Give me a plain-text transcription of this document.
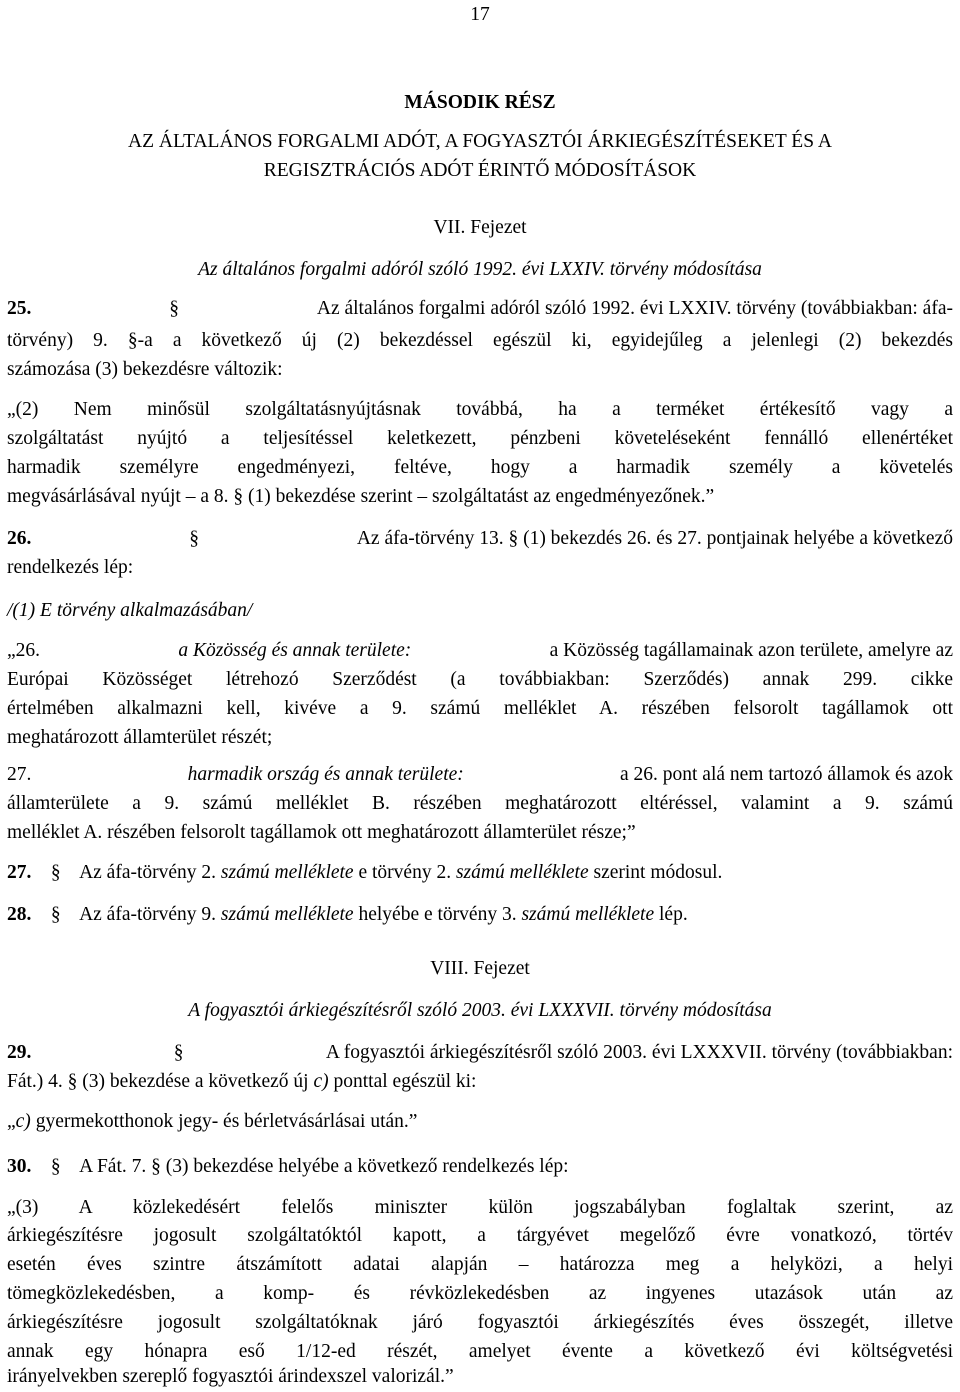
17
MÁSODIK RÉSZ
AZ ÁLTALÁNOS FORGALMI ADÓT, A FOGYASZTÓI ÁRKIEGÉSZÍTÉSEKET ÉS A
REGISZTRÁCIÓS ADÓT ÉRINTŐ MÓDOSÍTÁSOK
VII. Fejezet
Az általános forgalmi adóról szóló 1992. évi LXXIV. törvény módosítása
25.	§	Az általános forgalmi adóról szóló 1992. évi LXXIV. törvény (továbbiakban: áfa-
törvény) 9. §-a a következő új (2) bekezdéssel egészül ki, egyidejűleg a jelenlegi (2) bekezdés
számozása (3) bekezdésre változik:
„(2) Nem minősül szolgáltatásnyújtásnak továbbá, ha a terméket értékesítő vagy a
szolgáltatást nyújtó a teljesítéssel keletkezett, pénzbeni követeléseként fennálló ellenértéket
harmadik személyre engedményezi, feltéve, hogy a harmadik személy a követelés
megvásárlásával nyújt – a 8. § (1) bekezdése szerint – szolgáltatást az engedményezőnek.”
26.	§	Az áfa-törvény 13. § (1) bekezdés 26. és 27. pontjainak helyébe a következő
rendelkezés lép:
/(1) E törvény alkalmazásában/
„26.	a Közösség és annak területe:	a Közösség tagállamainak azon területe, amelyre az
Európai Közösséget létrehozó Szerződést (a továbbiakban: Szerződés) annak 299. cikke
értelmében alkalmazni kell, kivéve a 9. számú melléklet A. részében felsorolt tagállamok ott
meghatározott államterület részét;
27.	harmadik ország és annak területe:	a 26. pont alá nem tartozó államok és azok
államterülete a 9. számú melléklet B. részében meghatározott eltéréssel, valamint a 9. számú
melléklet A. részében felsorolt tagállamok ott meghatározott államterület része;”
27. § Az áfa-törvény 2. számú melléklete e törvény 2. számú melléklete szerint módosul.
28. § Az áfa-törvény 9. számú melléklete helyébe e törvény 3. számú melléklete lép.
VIII. Fejezet
A fogyasztói árkiegészítésről szóló 2003. évi LXXXVII. törvény módosítása
29.	§	A fogyasztói árkiegészítésről szóló 2003. évi LXXXVII. törvény (továbbiakban:
Fát.) 4. § (3) bekezdése a következő új c) ponttal egészül ki:
„c) gyermekotthonok jegy- és bérletvásárlásai után.”
30. § A Fát. 7. § (3) bekezdése helyébe a következő rendelkezés lép:
„(3) A közlekedésért felelős miniszter külön jogszabályban foglaltak szerint, az
árkiegészítésre jogosult szolgáltatóktól kapott, a tárgyévet megelőző évre vonatkozó, törtév
esetén éves szintre átszámított adatai alapján – határozza meg a helyközi, a helyi
tömegközlekedésben, a komp- és révközlekedésben az ingyenes utazások után az
árkiegészítésre jogosult szolgáltatóknak járó fogyasztói árkiegészítés éves összegét, illetve
annak egy hónapra eső 1/12-ed részét, amelyet évente a következő évi költségvetési
irányelvekben szereplő fogyasztói árindexszel valorizál.”
